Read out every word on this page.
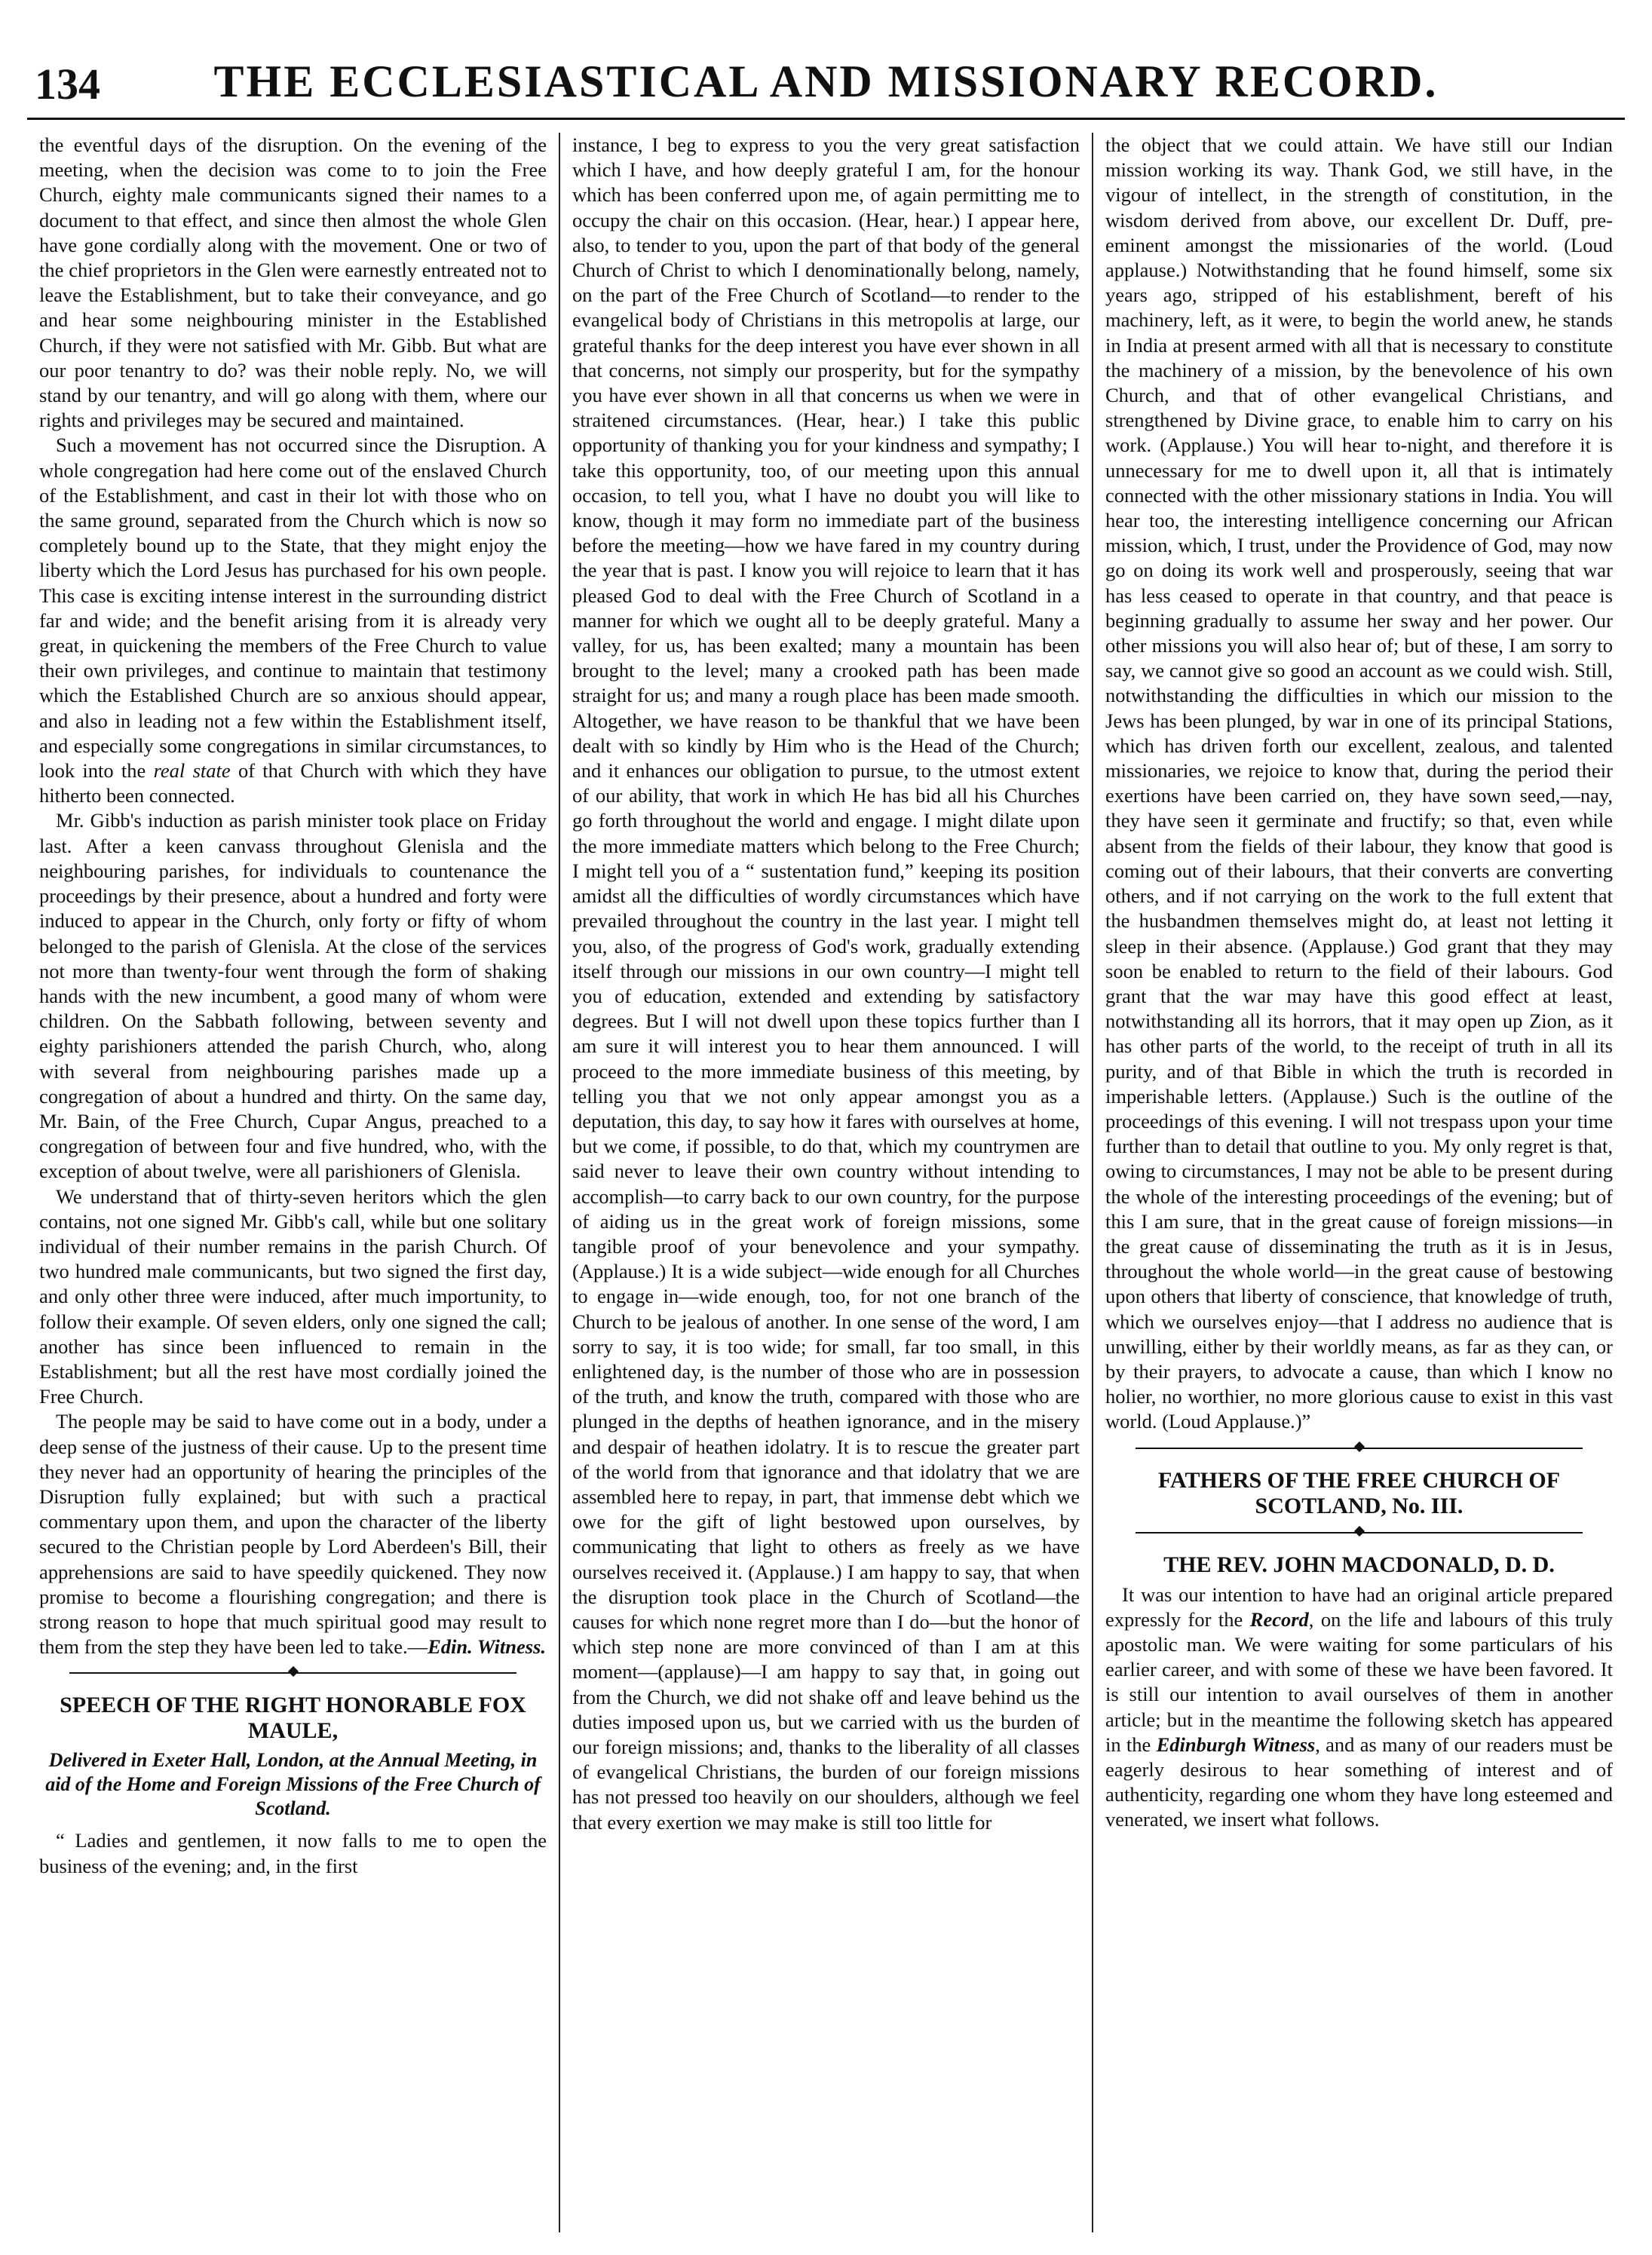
134	THE ECCLESIASTICAL AND MISSIONARY RECORD.

the eventful days of the disruption. On the evening of the meeting, when the decision was come to to join the Free Church, eighty male communicants signed their names to a document to that effect, and since then almost the whole Glen have gone cordially along with the movement. One or two of the chief proprietors in the Glen were earnestly entreated not to leave the Establishment, but to take their conveyance, and go and hear some neighbouring minister in the Established Church, if they were not satisfied with Mr. Gibb. But what are our poor tenantry to do? was their noble reply. No, we will stand by our tenantry, and will go along with them, where our rights and privileges may be secured and maintained.

Such a movement has not occurred since the Disruption. A whole congregation had here come out of the enslaved Church of the Establishment, and cast in their lot with those who on the same ground, separated from the Church which is now so completely bound up to the State, that they might enjoy the liberty which the Lord Jesus has purchased for his own people. This case is exciting intense interest in the surrounding district far and wide; and the benefit arising from it is already very great, in quickening the members of the Free Church to value their own privileges, and continue to maintain that testimony which the Established Church are so anxious should appear, and also in leading not a few within the Establishment itself, and especially some congregations in similar circumstances, to look into the real state of that Church with which they have hitherto been connected.

Mr. Gibb's induction as parish minister took place on Friday last. After a keen canvass throughout Glenisla and the neighbouring parishes, for individuals to countenance the proceedings by their presence, about a hundred and forty were induced to appear in the Church, only forty or fifty of whom belonged to the parish of Glenisla. At the close of the services not more than twenty-four went through the form of shaking hands with the new incumbent, a good many of whom were children. On the Sabbath following, between seventy and eighty parishioners attended the parish Church, who, along with several from neighbouring parishes made up a congregation of about a hundred and thirty. On the same day, Mr. Bain, of the Free Church, Cupar Angus, preached to a congregation of between four and five hundred, who, with the exception of about twelve, were all parishioners of Glenisla.

We understand that of thirty-seven heritors which the glen contains, not one signed Mr. Gibb's call, while but one solitary individual of their number remains in the parish Church. Of two hundred male communicants, but two signed the first day, and only other three were induced, after much importunity, to follow their example. Of seven elders, only one signed the call; another has since been influenced to remain in the Establishment; but all the rest have most cordially joined the Free Church.

The people may be said to have come out in a body, under a deep sense of the justness of their cause. Up to the present time they never had an opportunity of hearing the principles of the Disruption fully explained; but with such a practical commentary upon them, and upon the character of the liberty secured to the Christian people by Lord Aberdeen's Bill, their apprehensions are said to have speedily quickened. They now promise to become a flourishing congregation; and there is strong reason to hope that much spiritual good may result to them from the step they have been led to take.—Edin. Witness.

SPEECH OF THE RIGHT HONORABLE FOX MAULE,
Delivered in Exeter Hall, London, at the Annual Meeting, in aid of the Home and Foreign Missions of the Free Church of Scotland.

“ Ladies and gentlemen, it now falls to me to open the business of the evening; and, in the first

instance, I beg to express to you the very great satisfaction which I have, and how deeply grateful I am, for the honour which has been conferred upon me, of again permitting me to occupy the chair on this occasion. (Hear, hear.) I appear here, also, to tender to you, upon the part of that body of the general Church of Christ to which I denominationally belong, namely, on the part of the Free Church of Scotland—to render to the evangelical body of Christians in this metropolis at large, our grateful thanks for the deep interest you have ever shown in all that concerns, not simply our prosperity, but for the sympathy you have ever shown in all that concerns us when we were in straitened circumstances. (Hear, hear.) I take this public opportunity of thanking you for your kindness and sympathy; I take this opportunity, too, of our meeting upon this annual occasion, to tell you, what I have no doubt you will like to know, though it may form no immediate part of the business before the meeting—how we have fared in my country during the year that is past. I know you will rejoice to learn that it has pleased God to deal with the Free Church of Scotland in a manner for which we ought all to be deeply grateful. Many a valley, for us, has been exalted; many a mountain has been brought to the level; many a crooked path has been made straight for us; and many a rough place has been made smooth. Altogether, we have reason to be thankful that we have been dealt with so kindly by Him who is the Head of the Church; and it enhances our obligation to pursue, to the utmost extent of our ability, that work in which He has bid all his Churches go forth throughout the world and engage. I might dilate upon the more immediate matters which belong to the Free Church; I might tell you of a “ sustentation fund,” keeping its position amidst all the difficulties of wordly circumstances which have prevailed throughout the country in the last year. I might tell you, also, of the progress of God's work, gradually extending itself through our missions in our own country—I might tell you of education, extended and extending by satisfactory degrees. But I will not dwell upon these topics further than I am sure it will interest you to hear them announced. I will proceed to the more immediate business of this meeting, by telling you that we not only appear amongst you as a deputation, this day, to say how it fares with ourselves at home, but we come, if possible, to do that, which my countrymen are said never to leave their own country without intending to accomplish—to carry back to our own country, for the purpose of aiding us in the great work of foreign missions, some tangible proof of your benevolence and your sympathy. (Applause.) It is a wide subject—wide enough for all Churches to engage in—wide enough, too, for not one branch of the Church to be jealous of another. In one sense of the word, I am sorry to say, it is too wide; for small, far too small, in this enlightened day, is the number of those who are in possession of the truth, and know the truth, compared with those who are plunged in the depths of heathen ignorance, and in the misery and despair of heathen idolatry. It is to rescue the greater part of the world from that ignorance and that idolatry that we are assembled here to repay, in part, that immense debt which we owe for the gift of light bestowed upon ourselves, by communicating that light to others as freely as we have ourselves received it. (Applause.) I am happy to say, that when the disruption took place in the Church of Scotland—the causes for which none regret more than I do—but the honor of which step none are more convinced of than I am at this moment—(applause)—I am happy to say that, in going out from the Church, we did not shake off and leave behind us the duties imposed upon us, but we carried with us the burden of our foreign missions; and, thanks to the liberality of all classes of evangelical Christians, the burden of our foreign missions has not pressed too heavily on our shoulders, although we feel that every exertion we may make is still too little for

the object that we could attain. We have still our Indian mission working its way. Thank God, we still have, in the vigour of intellect, in the strength of constitution, in the wisdom derived from above, our excellent Dr. Duff, pre-eminent amongst the missionaries of the world. (Loud applause.) Notwithstanding that he found himself, some six years ago, stripped of his establishment, bereft of his machinery, left, as it were, to begin the world anew, he stands in India at present armed with all that is necessary to constitute the machinery of a mission, by the benevolence of his own Church, and that of other evangelical Christians, and strengthened by Divine grace, to enable him to carry on his work. (Applause.) You will hear to-night, and therefore it is unnecessary for me to dwell upon it, all that is intimately connected with the other missionary stations in India. You will hear too, the interesting intelligence concerning our African mission, which, I trust, under the Providence of God, may now go on doing its work well and prosperously, seeing that war has less ceased to operate in that country, and that peace is beginning gradually to assume her sway and her power. Our other missions you will also hear of; but of these, I am sorry to say, we cannot give so good an account as we could wish. Still, notwithstanding the difficulties in which our mission to the Jews has been plunged, by war in one of its principal Stations, which has driven forth our excellent, zealous, and talented missionaries, we rejoice to know that, during the period their exertions have been carried on, they have sown seed,—nay, they have seen it germinate and fructify; so that, even while absent from the fields of their labour, they know that good is coming out of their labours, that their converts are converting others, and if not carrying on the work to the full extent that the husbandmen themselves might do, at least not letting it sleep in their absence. (Applause.) God grant that they may soon be enabled to return to the field of their labours. God grant that the war may have this good effect at least, notwithstanding all its horrors, that it may open up Zion, as it has other parts of the world, to the receipt of truth in all its purity, and of that Bible in which the truth is recorded in imperishable letters. (Applause.) Such is the outline of the proceedings of this evening. I will not trespass upon your time further than to detail that outline to you. My only regret is that, owing to circumstances, I may not be able to be present during the whole of the interesting proceedings of the evening; but of this I am sure, that in the great cause of foreign missions—in the great cause of disseminating the truth as it is in Jesus, throughout the whole world—in the great cause of bestowing upon others that liberty of conscience, that knowledge of truth, which we ourselves enjoy—that I address no audience that is unwilling, either by their worldly means, as far as they can, or by their prayers, to advocate a cause, than which I know no holier, no worthier, no more glorious cause to exist in this vast world. (Loud Applause.)”

FATHERS OF THE FREE CHURCH OF SCOTLAND, No. III.
THE REV. JOHN MACDONALD, D. D.

It was our intention to have had an original article prepared expressly for the Record, on the life and labours of this truly apostolic man. We were waiting for some particulars of his earlier career, and with some of these we have been favored. It is still our intention to avail ourselves of them in another article; but in the meantime the following sketch has appeared in the Edinburgh Witness, and as many of our readers must be eagerly desirous to hear something of interest and of authenticity, regarding one whom they have long esteemed and venerated, we insert what follows.
